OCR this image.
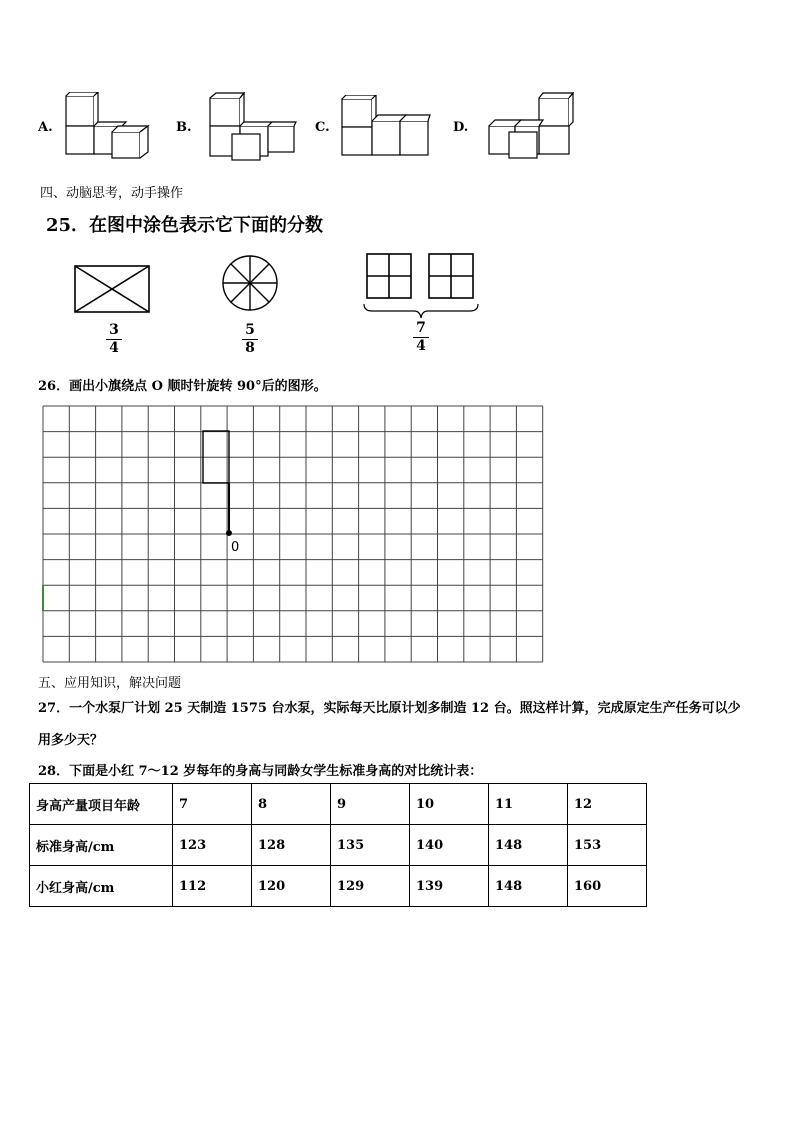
A.	B.	C.	D.
四、动脑思考，动手操作
25．在图中涂色表示它下面的分数
3
4
5
8
7
4
26．画出小旗绕点 O 顺时针旋转 90°后的图形。
0
五、应用知识，解决问题
27．一个水泵厂计划 25 天制造 1575 台水泵，实际每天比原计划多制造 12 台。照这样计算，完成原定生产任务可以少
用多少天？
28．下面是小红 7～12 岁每年的身高与同龄女学生标准身高的对比统计表：
身高产量项目年龄	7	8	9	10	11	12
标准身高/cm	123	128	135	140	148	153
小红身高/cm	112	120	129	139	148	160
